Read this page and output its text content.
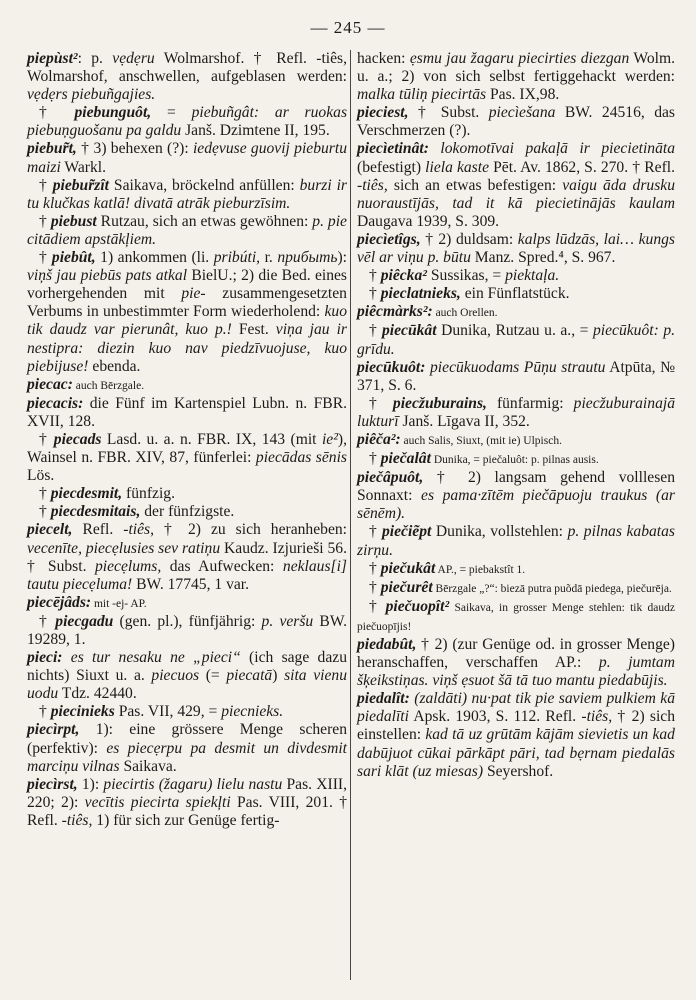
— 245 —

piepùst²: p. vẹdẹru Wolmarshof. † Refl. -tiês, Wolmarshof, anschwellen, aufgeblasen werden: vẹdẹrs piebuñgajies.

† piebunguôt, = piebuñgât: ar ruokas piebuņguošanu pa galdu Janš. Dzimtene II, 195.

piebur̃t, † 3) behexen (?): iedẹvuse guovij pieburtu maizi Warkl.

† piebur̃zît Saikava, bröckelnd anfüllen: burzi ir tu klučkas katlā! divatā atrāk pieburzīsim.

† piebust Rutzau, sich an etwas gewöhnen: p. pie citādiem apstākļiem.

† piebût, 1) ankommen (li. pribúti, r. прибыть): viņš jau piebūs pats atkal BielU.; 2) die Bed. eines vorhergehenden mit pie- zusammengesetzten Verbums in unbestimmter Form wiederholend: kuo tik daudz var pierunât, kuo p.! Fest. viņa jau ir nestipra: diezin kuo nav piedzīvuojuse, kuo piebijuse! ebenda.

piecac: auch Bērzgale.

piecacis: die Fünf im Kartenspiel Lubn. n. FBR. XVII, 128.

† piecads Lasd. u. a. n. FBR. IX, 143 (mit ie²), Wainsel n. FBR. XIV, 87, fünferlei: piecādas sēnis Lös.

† piecdesmit, fünfzig.

† piecdesmitais, der fünfzigste.

piecelt, Refl. -tiês, † 2) zu sich heranheben: vecenīte, piecẹlusies sev ratiņu Kaudz. Izjurieši 56. † Subst. piecẹlums, das Aufwecken: neklaus[i] tautu piecẹluma! BW. 17745, 1 var.

piecējâds: mit -ej- AP.

† piecgadu (gen. pl.), fünfjährig: p. veršu BW. 19289, 1.

pieci: es tur nesaku ne „pieci“ (ich sage dazu nichts) Siuxt u. a. piecuos (= piecatā) sita vienu uodu Tdz. 42440.

† piecinieks Pas. VII, 429, = piecnieks.

piecìrpt, 1): eine grössere Menge scheren (perfektiv): es piecẹrpu pa desmit un divdesmit marciņu vilnas Saikava.

piecìrst, 1): piecirtis (žagaru) lielu nastu Pas. XIII, 220; 2): vecītis piecirta spiekļti Pas. VIII, 201. † Refl. -tiês, 1) für sich zur Genüge fertig-

hacken: ẹsmu jau žagaru piecirties diezgan Wolm. u. a.; 2) von sich selbst fertiggehackt werden: malka tūliņ piecirtās Pas. IX,98.

pieciest, † Subst. piecìešana BW. 24516, das Verschmerzen (?).

piecìetinât: lokomotīvai pakaļā ir piecietināta (befestigt) liela kaste Pēt. Av. 1862, S. 270. † Refl. -tiês, sich an etwas befestigen: vaigu āda drusku nuoraustījās, tad it kā piecietinājās kaulam Daugava 1939, S. 309.

piecìetîgs, † 2) duldsam: kalps lūdzās, lai… kungs vēl ar viņu p. būtu Manz. Spred.⁴, S. 967.

† piêcka² Sussikas, = piektaļa.

† pieclatnieks, ein Fünflatstück.

piêcmàrks²: auch Orellen.

† piecūkât Dunika, Rutzau u. a., = piecūkuôt: p. grīdu.

piecūkuôt: piecūkuodams Pūņu strautu Atpūta, № 371, S. 6.

† piecžuburains, fünfarmig: piecžuburainajā lukturī Janš. Līgava II, 352.

piêča²: auch Salis, Siuxt, (mit ie) Ulpisch.

† piečalât Dunika, = piečaluôt: p. pilnas ausis.

piečâpuôt, † 2) langsam gehend volllesen Sonnaxt: es pama·zītēm piečāpuoju traukus (ar sēnēm).

† piečiẽpt Dunika, vollstehlen: p. pilnas kabatas zirņu.

† piečukât AP., = piebakstît 1.

† piečurêt Bērzgale „?“: biezā putra puõdā piedega, piečurēja.

† piečuopît² Saikava, in grosser Menge stehlen: tik daudz piečuopījis!

piedabût, † 2) (zur Genüge od. in grosser Menge) heranschaffen, verschaffen AP.: p. jumtam šķeikstiņas. viņš ẹsuot šā tā tuo mantu piedabūjis.

piedalît: (zaldāti) nu·pat tik pie saviem pulkiem kā piedalīti Apsk. 1903, S. 112. Refl. -tiês, † 2) sich einstellen: kad tā uz grūtām kājām sievietis un kad dabūjuot cūkai pārkāpt pāri, tad bẹrnam piedalās sari klāt (uz miesas) Seyershof.
